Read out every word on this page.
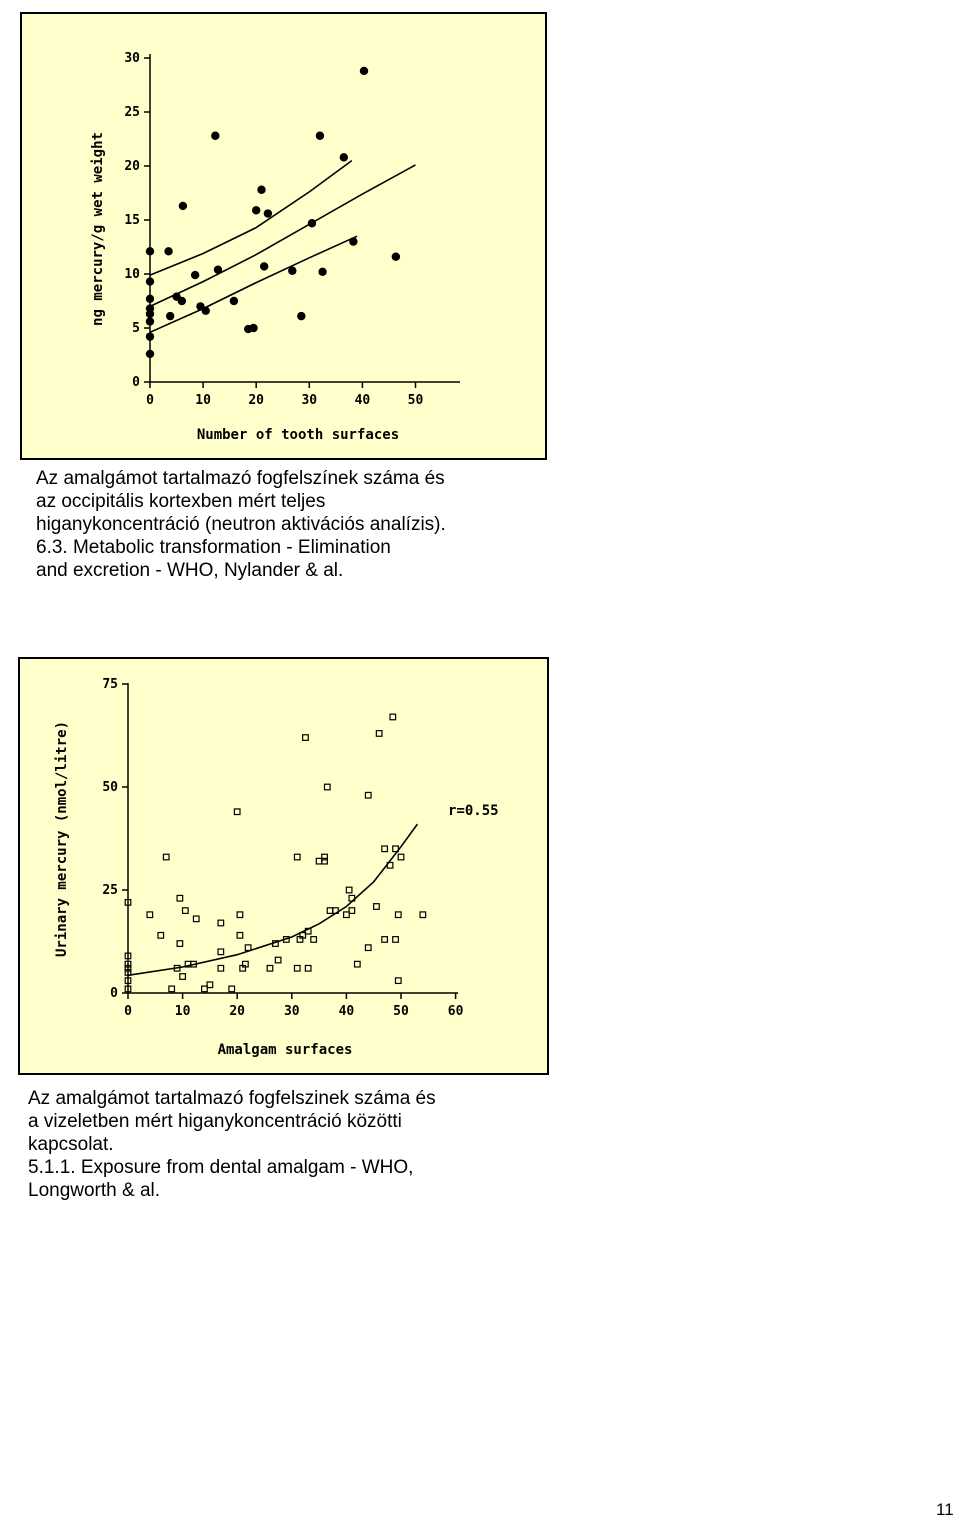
0	10	20	30	40	50
0
5
10
15
20
25
30
Number of tooth surfaces
ng mercury/g wet weight
Az amalgámot tartalmazó fogfelszínek száma és
az occipitális kortexben mért teljes
higanykoncentráció (neutron aktivációs analízis).
6.3. Metabolic transformation - Elimination
and excretion - WHO, Nylander & al.
0	10	20	30	40	50	60
0
25
50
75
Amalgam surfaces
Urinary mercury (nmol/litre)	r=0.55
Az amalgámot tartalmazó fogfelszinek száma és
a vizeletben mért higanykoncentráció közötti
kapcsolat.
5.1.1. Exposure from dental amalgam - WHO,
Longworth & al.
11
